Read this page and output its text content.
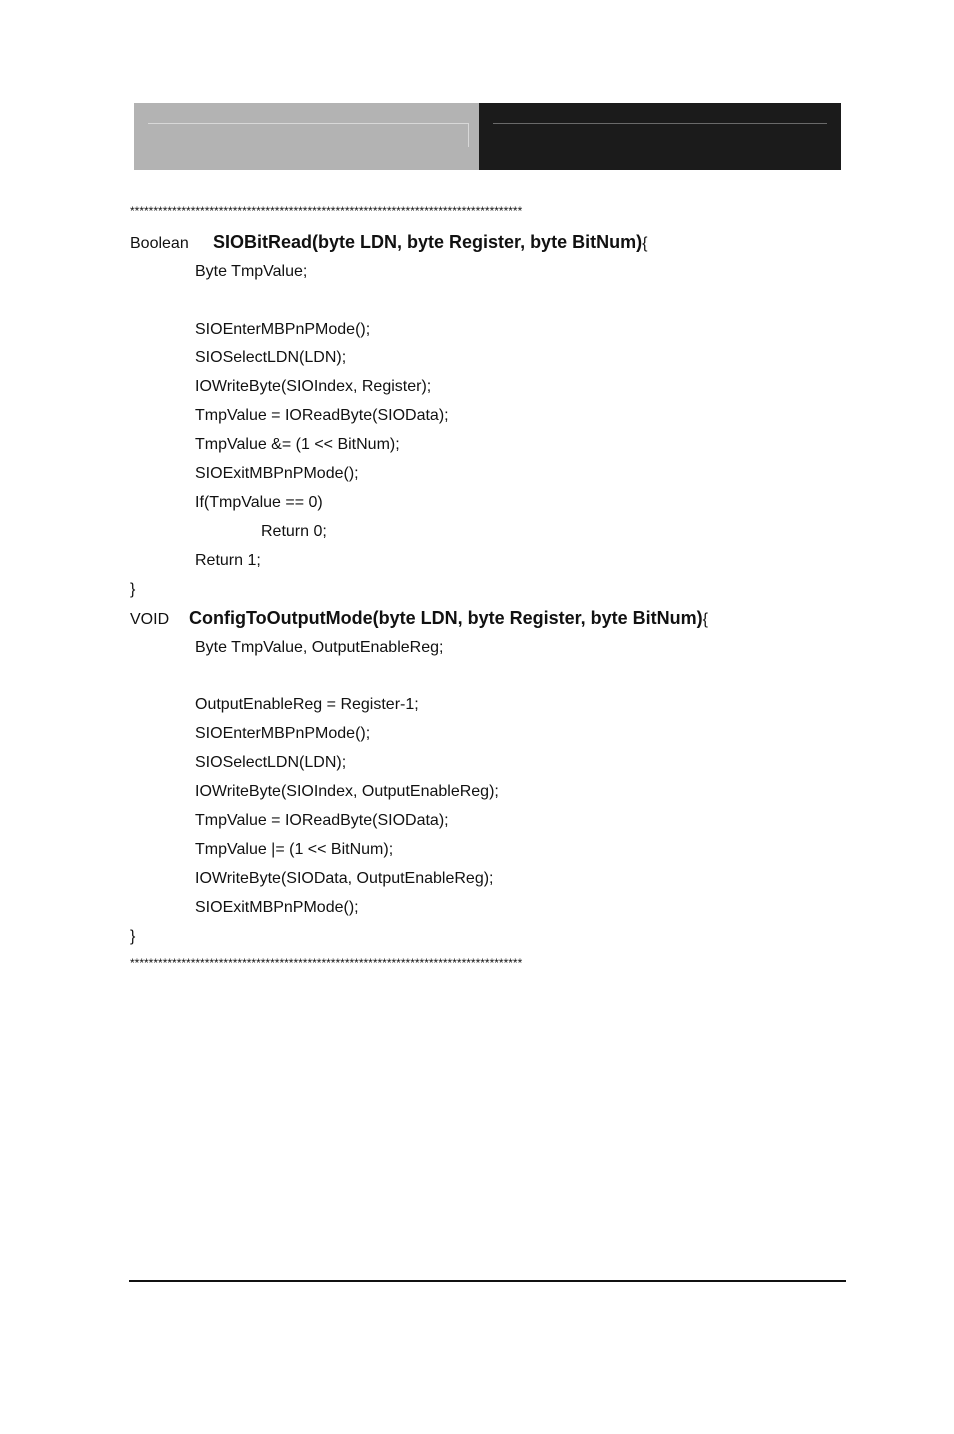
************************************************************************************
Boolean SIOBitRead(byte LDN, byte Register, byte BitNum){
Byte TmpValue;
SIOEnterMBPnPMode();
SIOSelectLDN(LDN);
IOWriteByte(SIOIndex, Register);
TmpValue = IOReadByte(SIOData);
TmpValue &= (1 << BitNum);
SIOExitMBPnPMode();
If(TmpValue == 0)
Return 0;
Return 1;
}
VOID ConfigToOutputMode(byte LDN, byte Register, byte BitNum){
Byte TmpValue, OutputEnableReg;
OutputEnableReg = Register-1;
SIOEnterMBPnPMode();
SIOSelectLDN(LDN);
IOWriteByte(SIOIndex, OutputEnableReg);
TmpValue = IOReadByte(SIOData);
TmpValue |= (1 << BitNum);
IOWriteByte(SIOData, OutputEnableReg);
SIOExitMBPnPMode();
}
************************************************************************************
